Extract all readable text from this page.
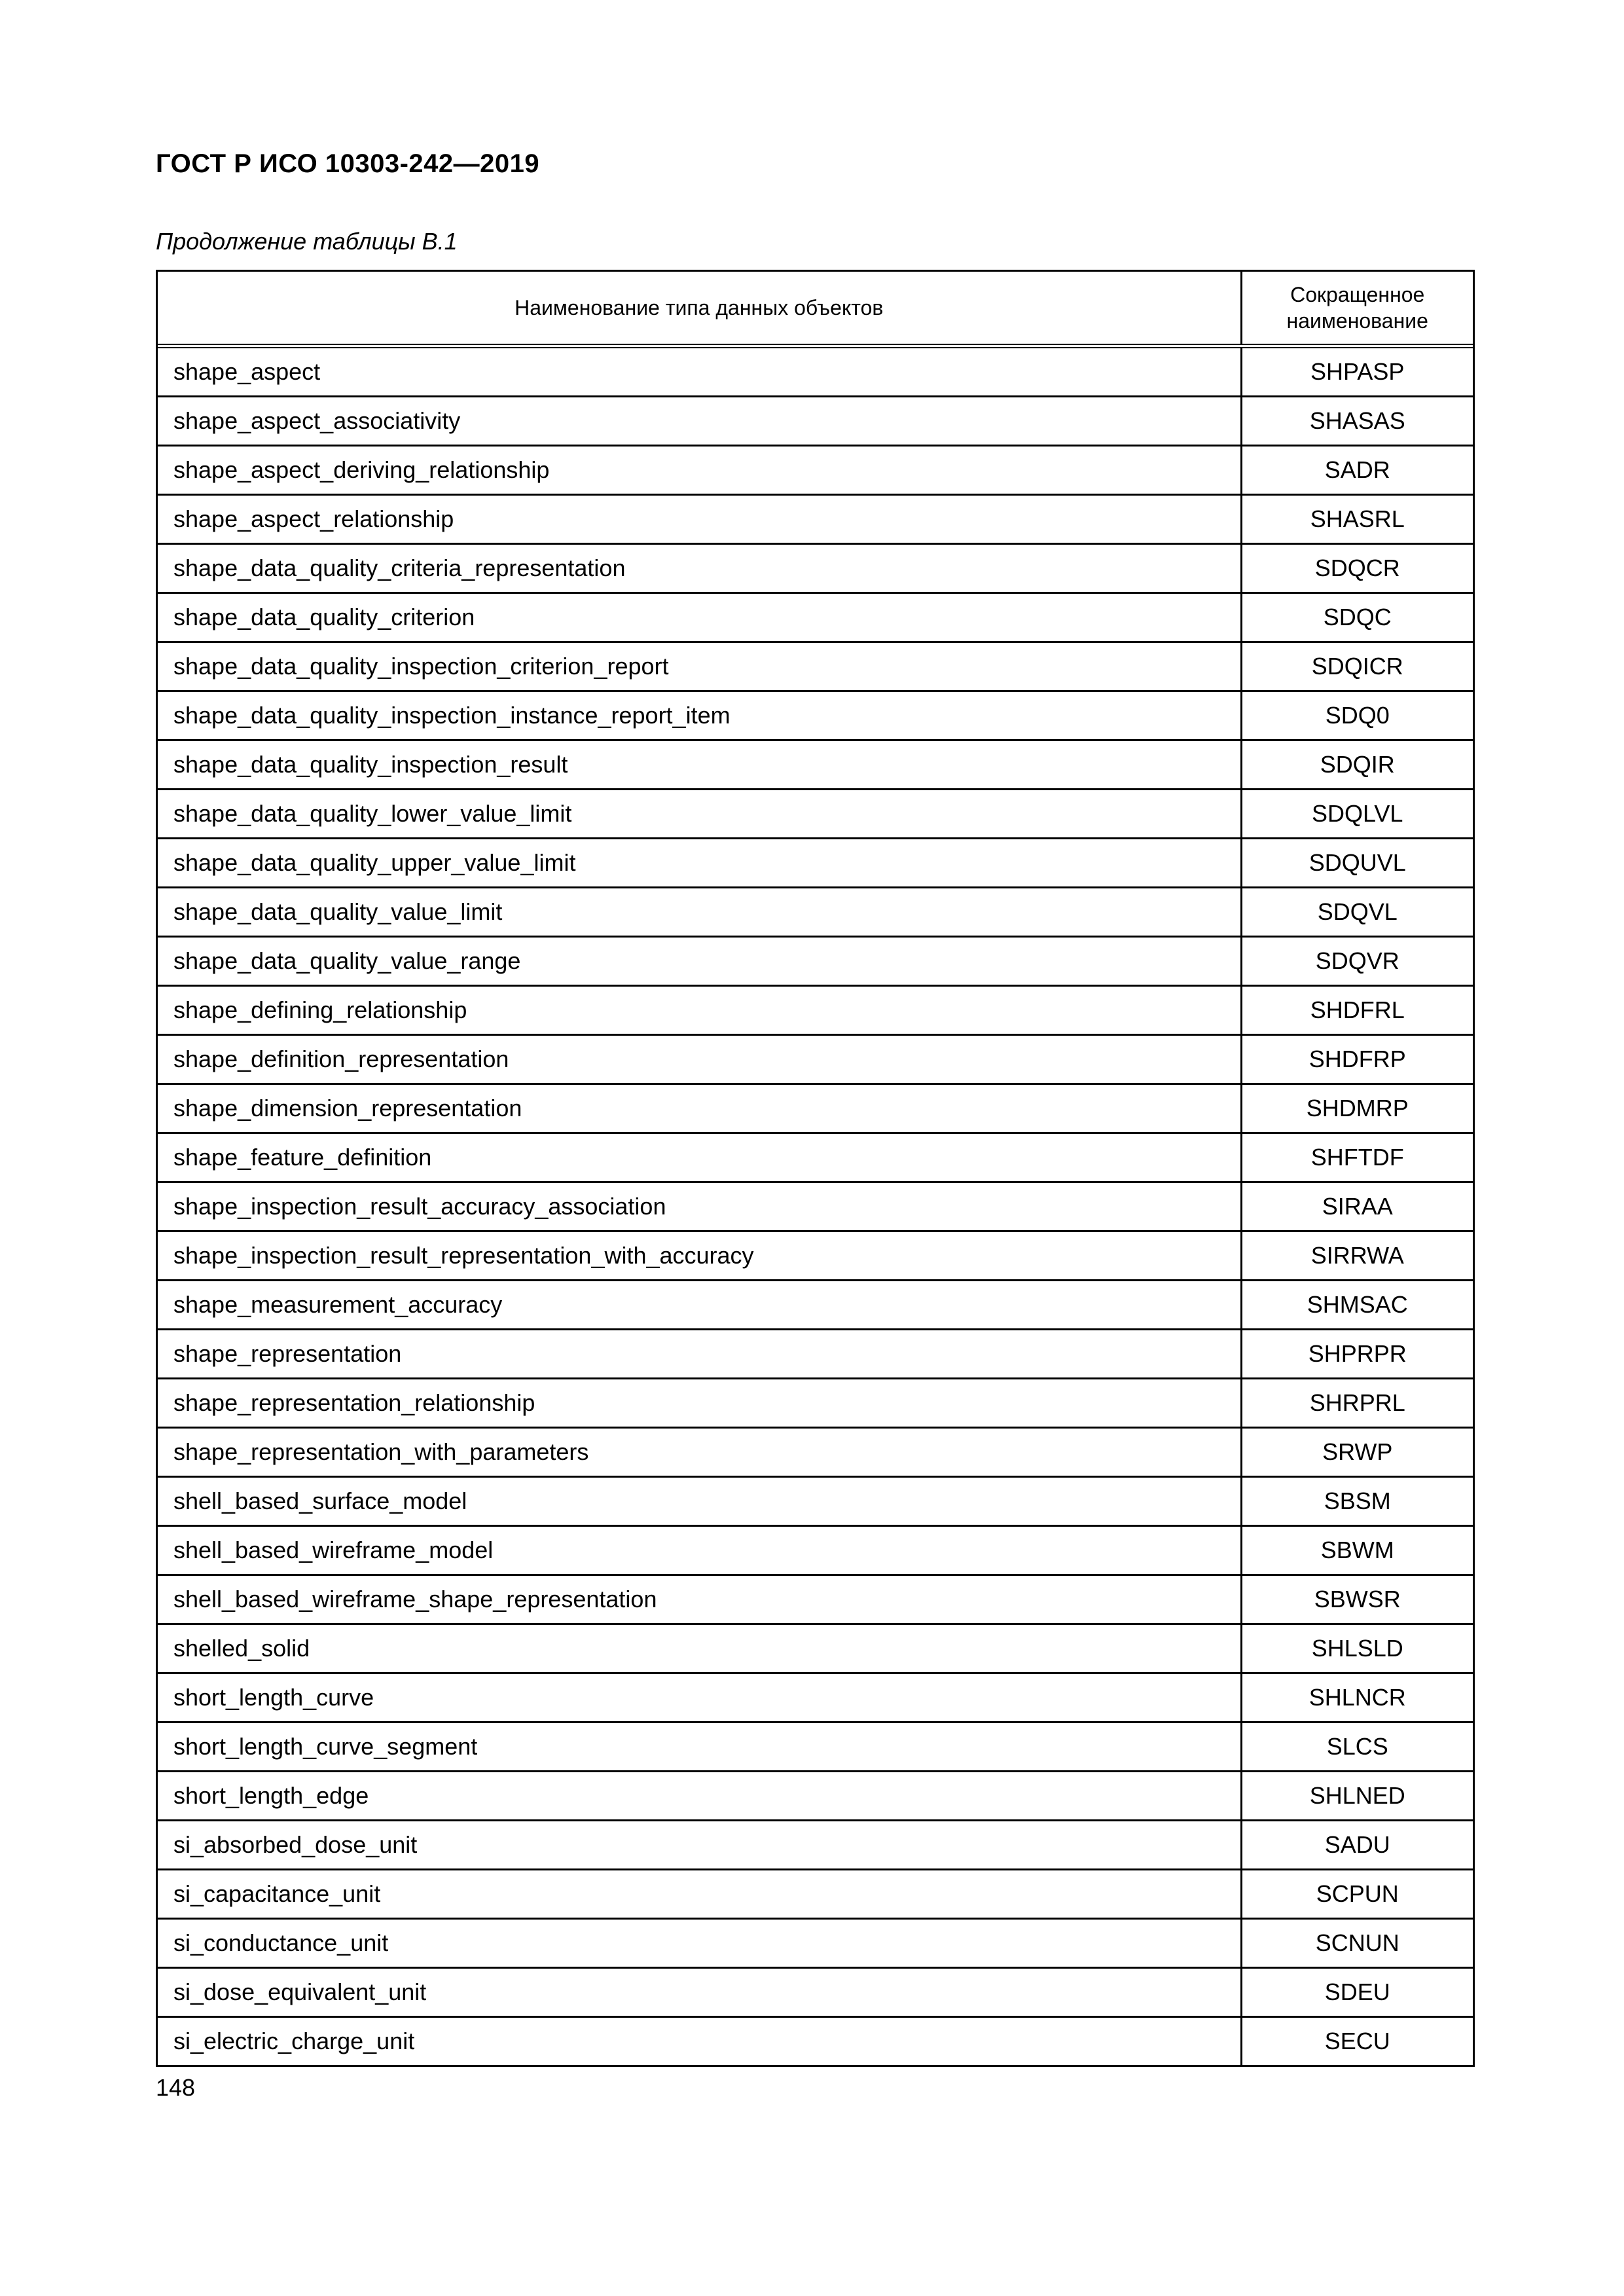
ГОСТ Р ИСО 10303-242—2019
Продолжение таблицы В.1
Наименование типа данных объектов	Сокращенное
наименование
shape_aspect	SHPASP
shape_aspect_associativity	SHASAS
shape_aspect_deriving_relationship	SADR
shape_aspect_relationship	SHASRL
shape_data_quality_criteria_representation	SDQCR
shape_data_quality_criterion	SDQC
shape_data_quality_inspection_criterion_report	SDQICR
shape_data_quality_inspection_instance_report_item	SDQ0
shape_data_quality_inspection_result	SDQIR
shape_data_quality_lower_value_limit	SDQLVL
shape_data_quality_upper_value_limit	SDQUVL
shape_data_quality_value_limit	SDQVL
shape_data_quality_value_range	SDQVR
shape_defining_relationship	SHDFRL
shape_definition_representation	SHDFRP
shape_dimension_representation	SHDMRP
shape_feature_definition	SHFTDF
shape_inspection_result_accuracy_association	SIRAA
shape_inspection_result_representation_with_accuracy	SIRRWA
shape_measurement_accuracy	SHMSAC
shape_representation	SHPRPR
shape_representation_relationship	SHRPRL
shape_representation_with_parameters	SRWP
shell_based_surface_model	SBSM
shell_based_wireframe_model	SBWM
shell_based_wireframe_shape_representation	SBWSR
shelled_solid	SHLSLD
short_length_curve	SHLNCR
short_length_curve_segment	SLCS
short_length_edge	SHLNED
si_absorbed_dose_unit	SADU
si_capacitance_unit	SCPUN
si_conductance_unit	SCNUN
si_dose_equivalent_unit	SDEU
si_electric_charge_unit	SECU
148
